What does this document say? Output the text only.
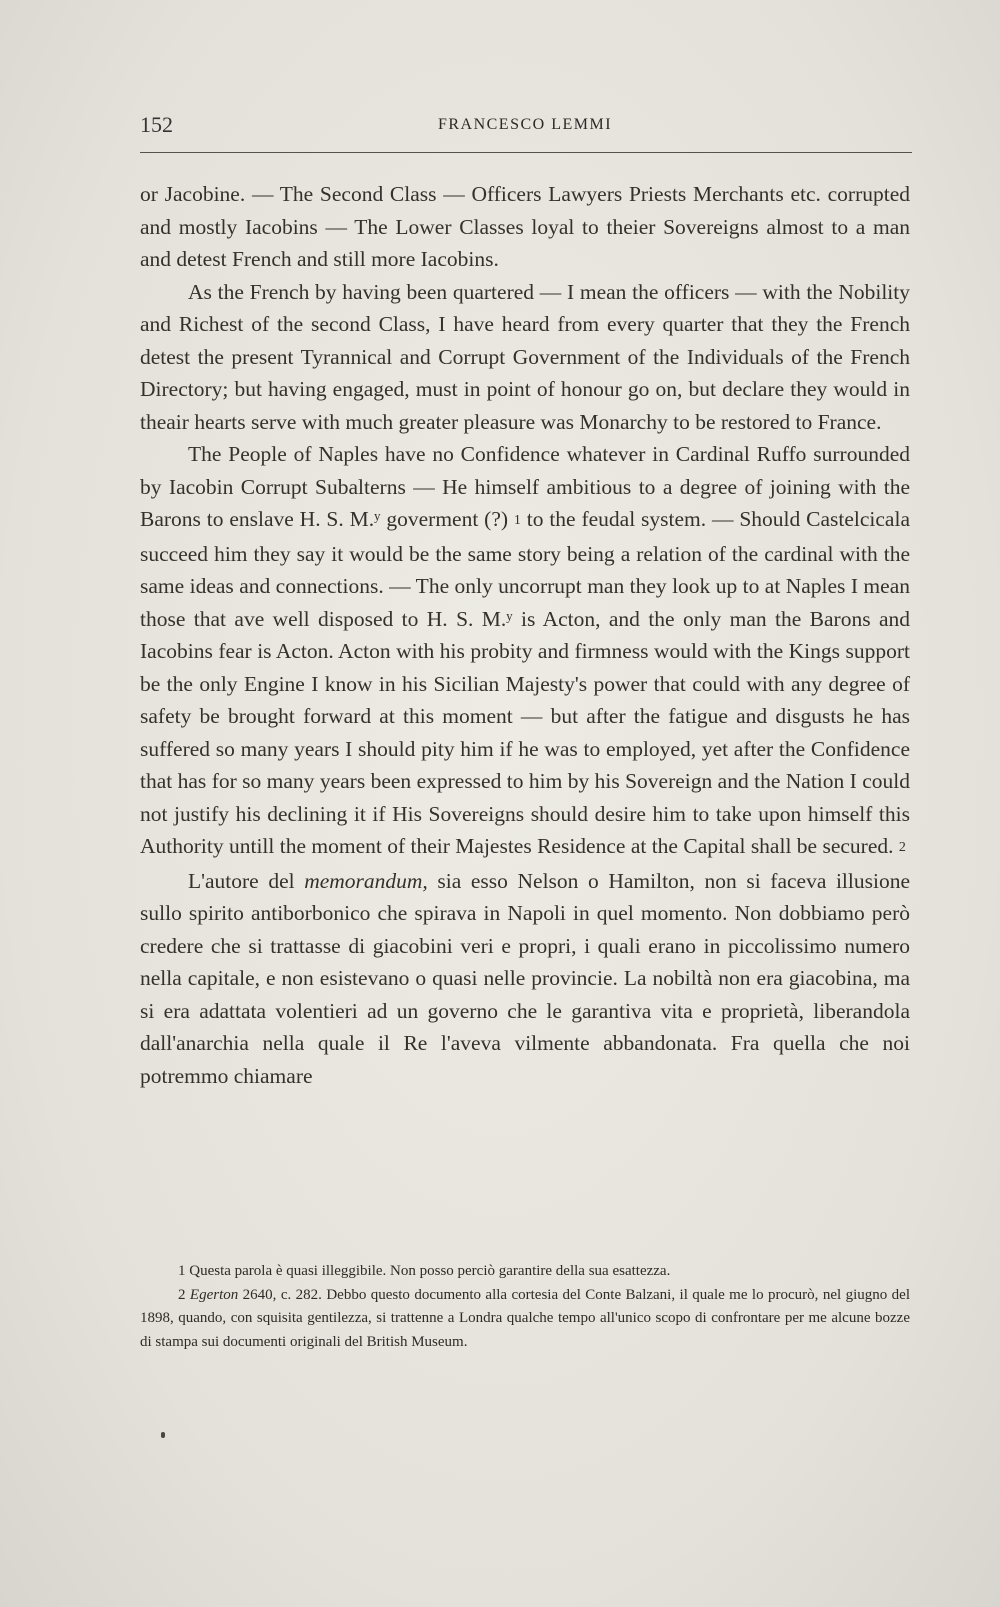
152	FRANCESCO LEMMI

or Jacobine. — The Second Class — Officers Lawyers Priests Merchants etc. corrupted and mostly Iacobins — The Lower Classes loyal to theier Sovereigns almost to a man and detest French and still more Iacobins.

As the French by having been quartered — I mean the officers — with the Nobility and Richest of the second Class, I have heard from every quarter that they the French detest the present Tyrannical and Corrupt Government of the Individuals of the French Directory; but having engaged, must in point of honour go on, but declare they would in theair hearts serve with much greater pleasure was Monarchy to be restored to France.

The People of Naples have no Confidence whatever in Cardinal Ruffo surrounded by Iacobin Corrupt Subalterns — He himself ambitious to a degree of joining with the Barons to enslave H. S. M.ʸ goverment (?) 1 to the feudal system. — Should Castelcicala succeed him they say it would be the same story being a relation of the cardinal with the same ideas and connections. — The only uncorrupt man they look up to at Naples I mean those that ave well disposed to H. S. M.ʸ is Acton, and the only man the Barons and Iacobins fear is Acton. Acton with his probity and firmness would with the Kings support be the only Engine I know in his Sicilian Majesty's power that could with any degree of safety be brought forward at this moment — but after the fatigue and disgusts he has suffered so many years I should pity him if he was to employed, yet after the Confidence that has for so many years been expressed to him by his Sovereign and the Nation I could not justify his declining it if His Sovereigns should desire him to take upon himself this Authority untill the moment of their Majestes Residence at the Capital shall be secured. 2

L'autore del memorandum, sia esso Nelson o Hamilton, non si faceva illusione sullo spirito antiborbonico che spirava in Napoli in quel momento. Non dobbiamo però credere che si trattasse di giacobini veri e propri, i quali erano in piccolissimo numero nella capitale, e non esistevano o quasi nelle provincie. La nobiltà non era giacobina, ma si era adattata volentieri ad un governo che le garantiva vita e proprietà, liberandola dall'anarchia nella quale il Re l'aveva vilmente abbandonata. Fra quella che noi potremmo chiamare

1 Questa parola è quasi illeggibile. Non posso perciò garantire della sua esattezza.

2 Egerton 2640, c. 282. Debbo questo documento alla cortesia del Conte Balzani, il quale me lo procurò, nel giugno del 1898, quando, con squisita gentilezza, si trattenne a Londra qualche tempo all'unico scopo di confrontare per me alcune bozze di stampa sui documenti originali del British Museum.
